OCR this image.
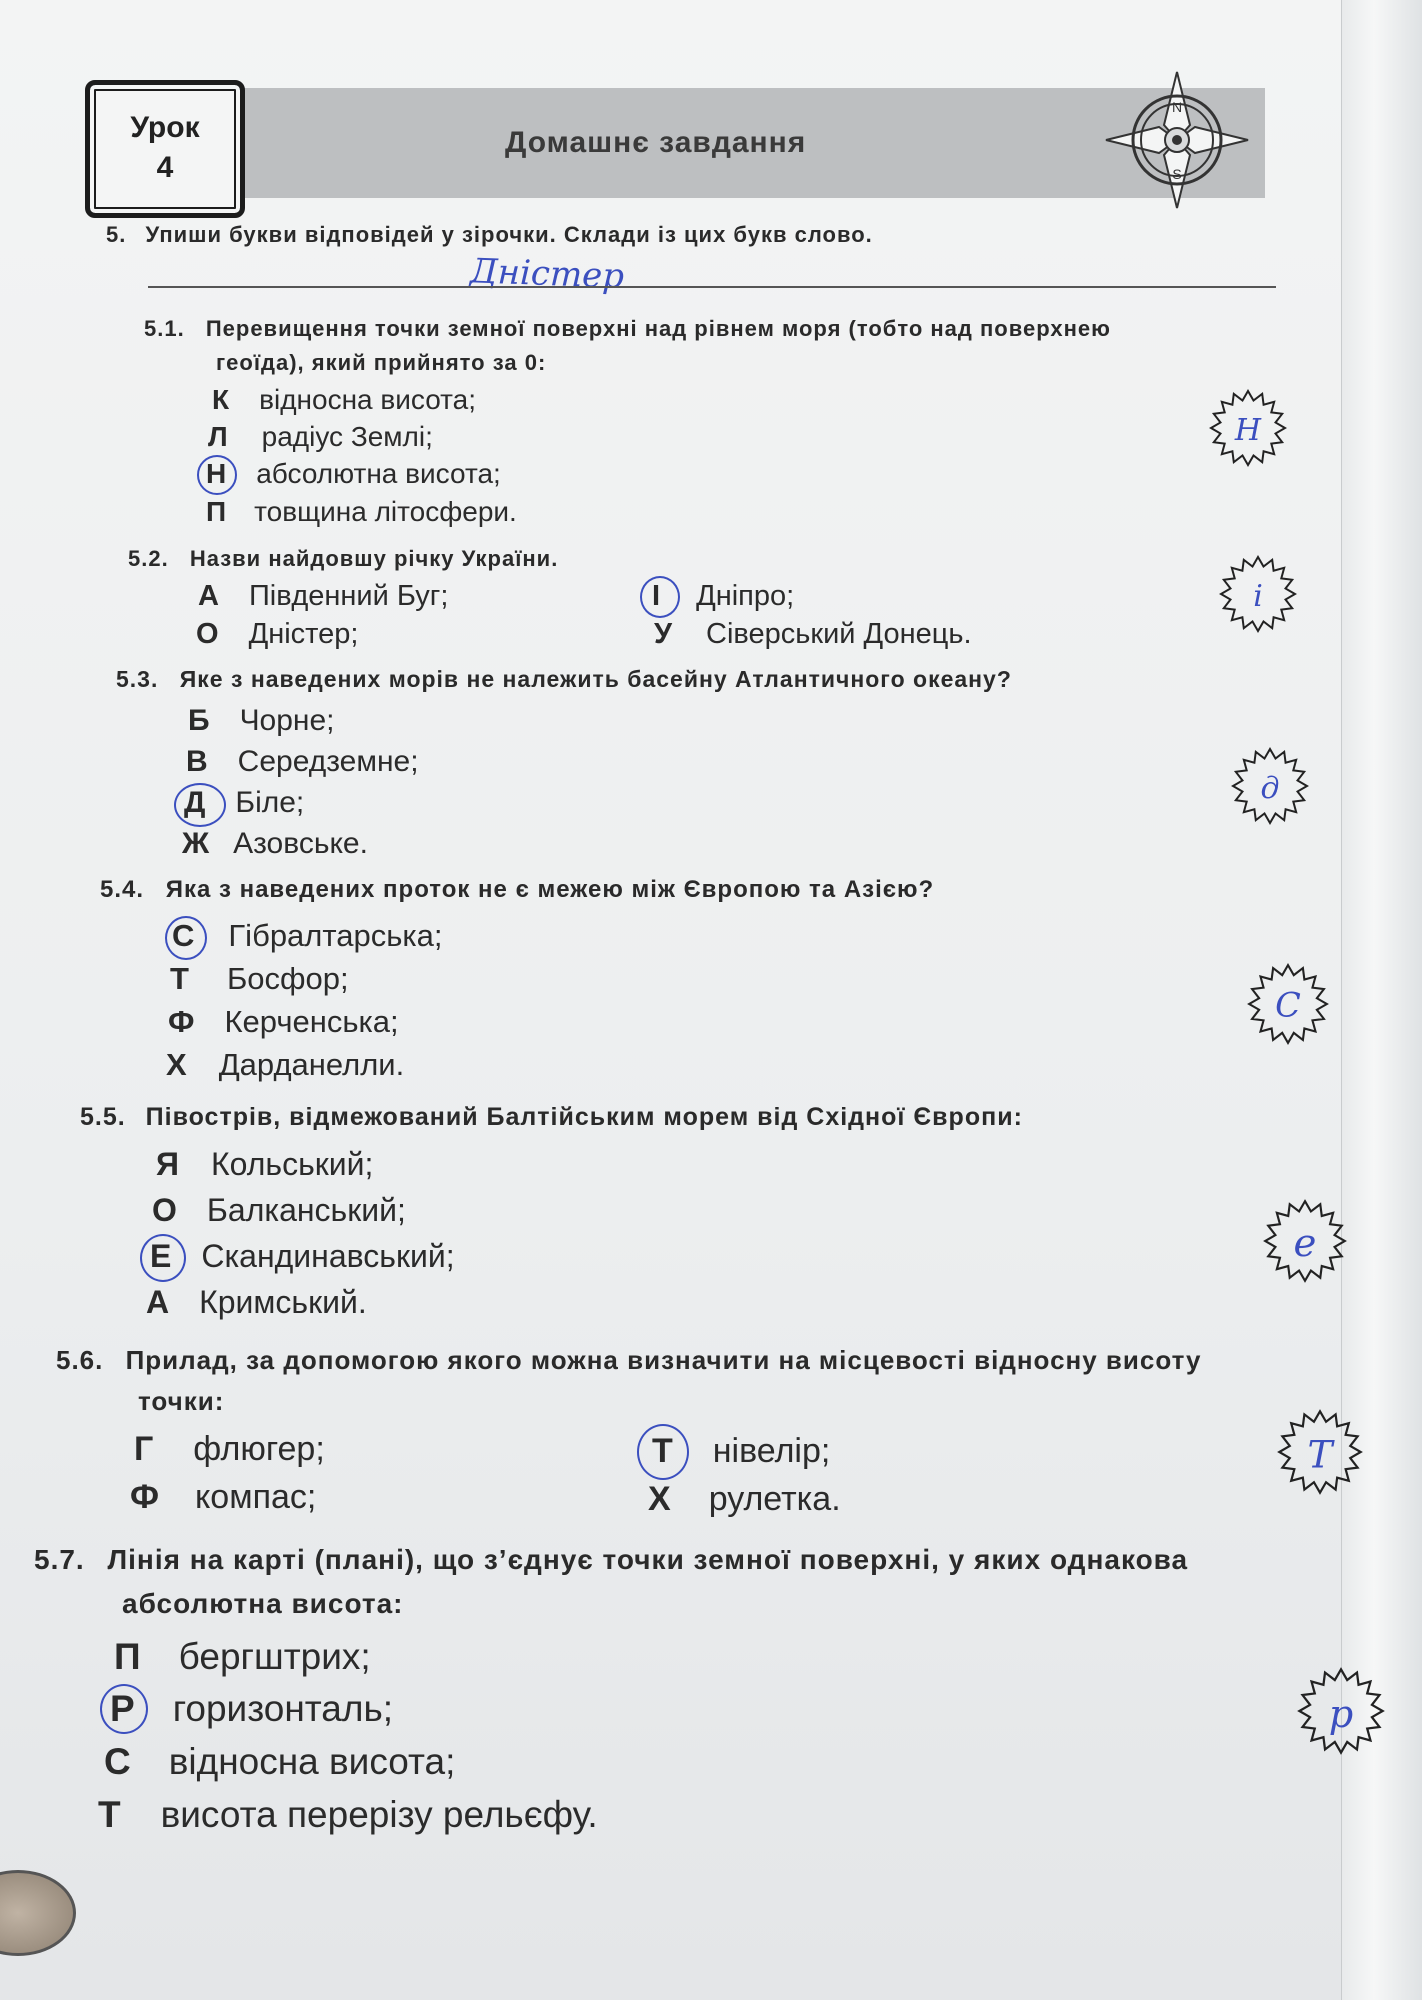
Урок
4
Домашнє завдання
N
S
5. Упиши букви відповідей у зірочки. Склади із цих букв слово.
Дністер
5.1. Перевищення точки земної поверхні над рівнем моря (тобто над поверхнею
геоїда), який прийнято за 0:
К відносна висота;
Л радіус Землі;
Н абсолютна висота;
П товщина літосфери.
5.2. Назви найдовшу річку України.
А Південний Буг;	І Дніпро;
О Дністер;	У Сіверський Донець.
5.3. Яке з наведених морів не належить басейну Атлантичного океану?
Б Чорне;
В Середземне;
Д Біле;
Ж Азовське.
5.4. Яка з наведених проток не є межею між Європою та Азією?
С Гібралтарська;
Т Босфор;
Ф Керченська;
Х Дарданелли.
5.5. Півострів, відмежований Балтійським морем від Східної Європи:
Я Кольський;
О Балканський;
Е Скандинавський;
А Кримський.
5.6. Прилад, за допомогою якого можна визначити на місцевості відносну висоту
точки:
Г флюгер;	Т нівелір;
Ф компас;	Х рулетка.
5.7. Лінія на карті (плані), що з’єднує точки земної поверхні, у яких однакова
абсолютна висота:
П бергштрих;
Р горизонталь;
С відносна висота;
Т висота перерізу рельєфу.
Н
і
д
С
е
Т
р
